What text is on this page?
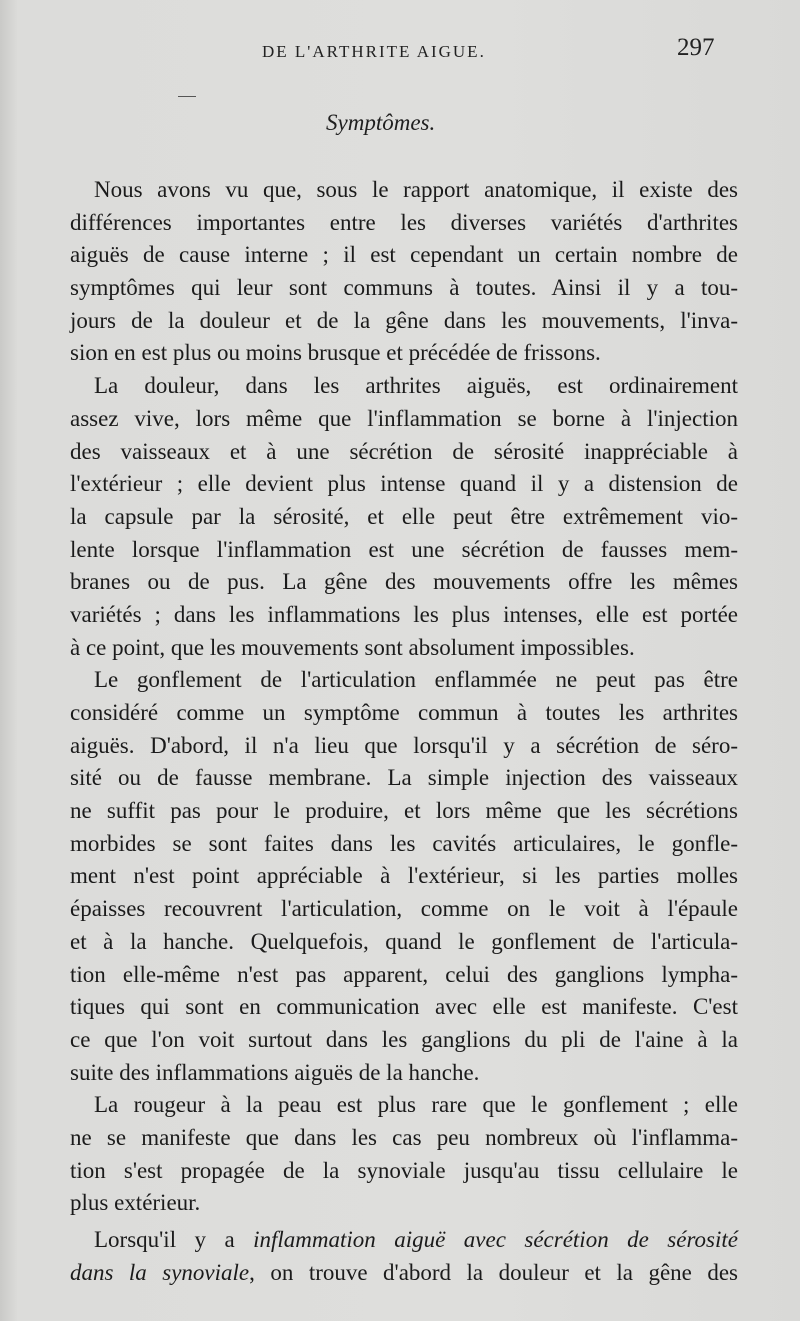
DE L'ARTHRITE AIGUE.	297
Symptômes.
Nous avons vu que, sous le rapport anatomique, il existe des
différences importantes entre les diverses variétés d'arthrites
aiguës de cause interne ; il est cependant un certain nombre de
symptômes qui leur sont communs à toutes. Ainsi il y a tou-
jours de la douleur et de la gêne dans les mouvements, l'inva-
sion en est plus ou moins brusque et précédée de frissons.
La douleur, dans les arthrites aiguës, est ordinairement
assez vive, lors même que l'inflammation se borne à l'injection
des vaisseaux et à une sécrétion de sérosité inappréciable à
l'extérieur ; elle devient plus intense quand il y a distension de
la capsule par la sérosité, et elle peut être extrêmement vio-
lente lorsque l'inflammation est une sécrétion de fausses mem-
branes ou de pus. La gêne des mouvements offre les mêmes
variétés ; dans les inflammations les plus intenses, elle est portée
à ce point, que les mouvements sont absolument impossibles.
Le gonflement de l'articulation enflammée ne peut pas être
considéré comme un symptôme commun à toutes les arthrites
aiguës. D'abord, il n'a lieu que lorsqu'il y a sécrétion de séro-
sité ou de fausse membrane. La simple injection des vaisseaux
ne suffit pas pour le produire, et lors même que les sécrétions
morbides se sont faites dans les cavités articulaires, le gonfle-
ment n'est point appréciable à l'extérieur, si les parties molles
épaisses recouvrent l'articulation, comme on le voit à l'épaule
et à la hanche. Quelquefois, quand le gonflement de l'articula-
tion elle-même n'est pas apparent, celui des ganglions lympha-
tiques qui sont en communication avec elle est manifeste. C'est
ce que l'on voit surtout dans les ganglions du pli de l'aine à la
suite des inflammations aiguës de la hanche.
La rougeur à la peau est plus rare que le gonflement ; elle
ne se manifeste que dans les cas peu nombreux où l'inflamma-
tion s'est propagée de la synoviale jusqu'au tissu cellulaire le
plus extérieur.
Lorsqu'il y a inflammation aiguë avec sécrétion de sérosité
dans la synoviale, on trouve d'abord la douleur et la gêne des
